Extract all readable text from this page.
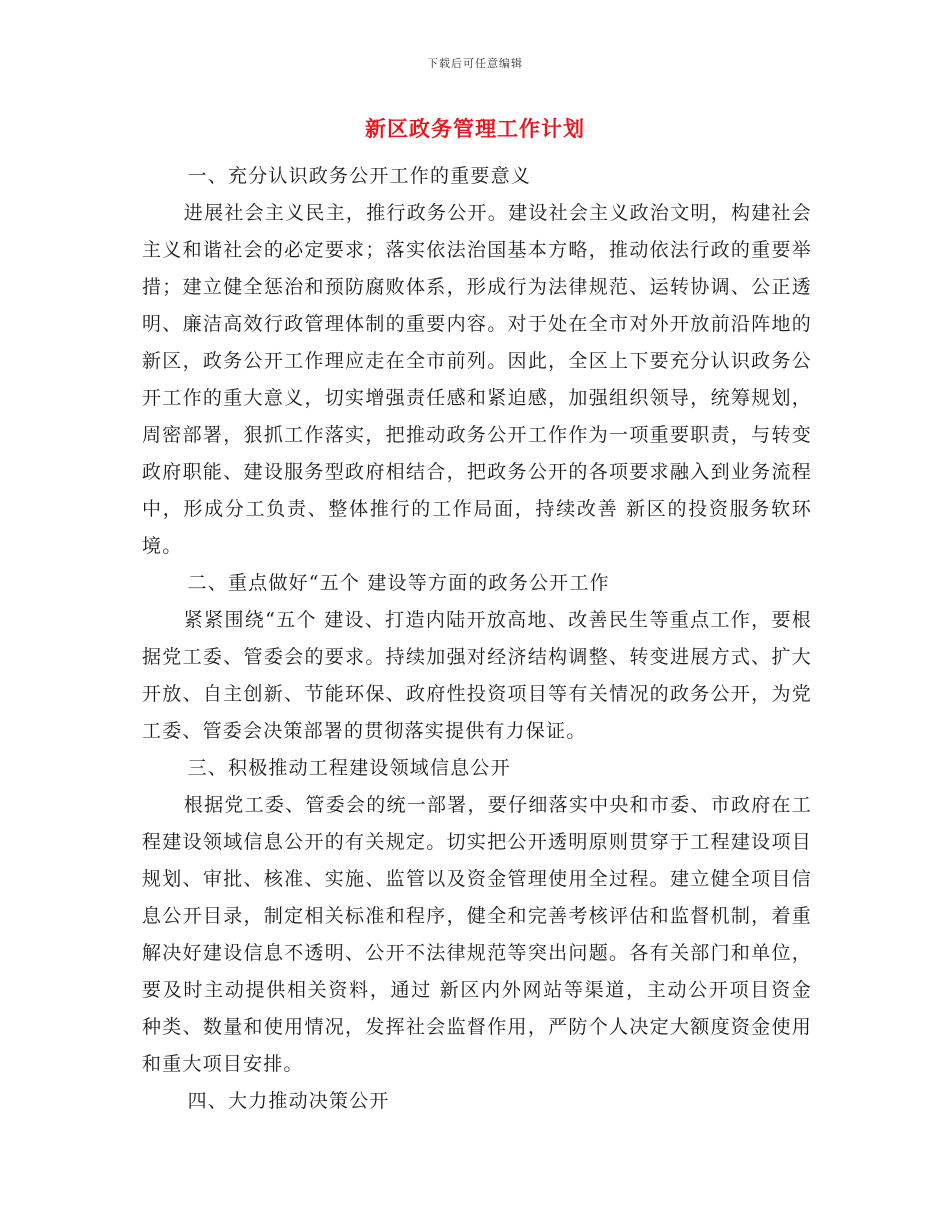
下载后可任意编辑
新区政务管理工作计划

一、充分认识政务公开工作的重要意义

进展社会主义民主，推行政务公开。建设社会主义政治文明，构建社会主义和谐社会的必定要求；落实依法治国基本方略，推动依法行政的重要举措；建立健全惩治和预防腐败体系，形成行为法律规范、运转协调、公正透明、廉洁高效行政管理体制的重要内容。对于处在全市对外开放前沿阵地的新区，政务公开工作理应走在全市前列。因此，全区上下要充分认识政务公开工作的重大意义，切实增强责任感和紧迫感，加强组织领导，统筹规划，周密部署，狠抓工作落实，把推动政务公开工作作为一项重要职责，与转变政府职能、建设服务型政府相结合，把政务公开的各项要求融入到业务流程中，形成分工负责、整体推行的工作局面，持续改善 新区的投资服务软环境。

二、重点做好“五个 建设等方面的政务公开工作

紧紧围绕“五个 建设、打造内陆开放高地、改善民生等重点工作，要根据党工委、管委会的要求。持续加强对经济结构调整、转变进展方式、扩大开放、自主创新、节能环保、政府性投资项目等有关情况的政务公开，为党工委、管委会决策部署的贯彻落实提供有力保证。

三、积极推动工程建设领域信息公开

根据党工委、管委会的统一部署，要仔细落实中央和市委、市政府在工程建设领域信息公开的有关规定。切实把公开透明原则贯穿于工程建设项目规划、审批、核准、实施、监管以及资金管理使用全过程。建立健全项目信息公开目录，制定相关标准和程序，健全和完善考核评估和监督机制，着重解决好建设信息不透明、公开不法律规范等突出问题。各有关部门和单位，要及时主动提供相关资料，通过 新区内外网站等渠道，主动公开项目资金种类、数量和使用情况，发挥社会监督作用，严防个人决定大额度资金使用和重大项目安排。

四、大力推动决策公开
